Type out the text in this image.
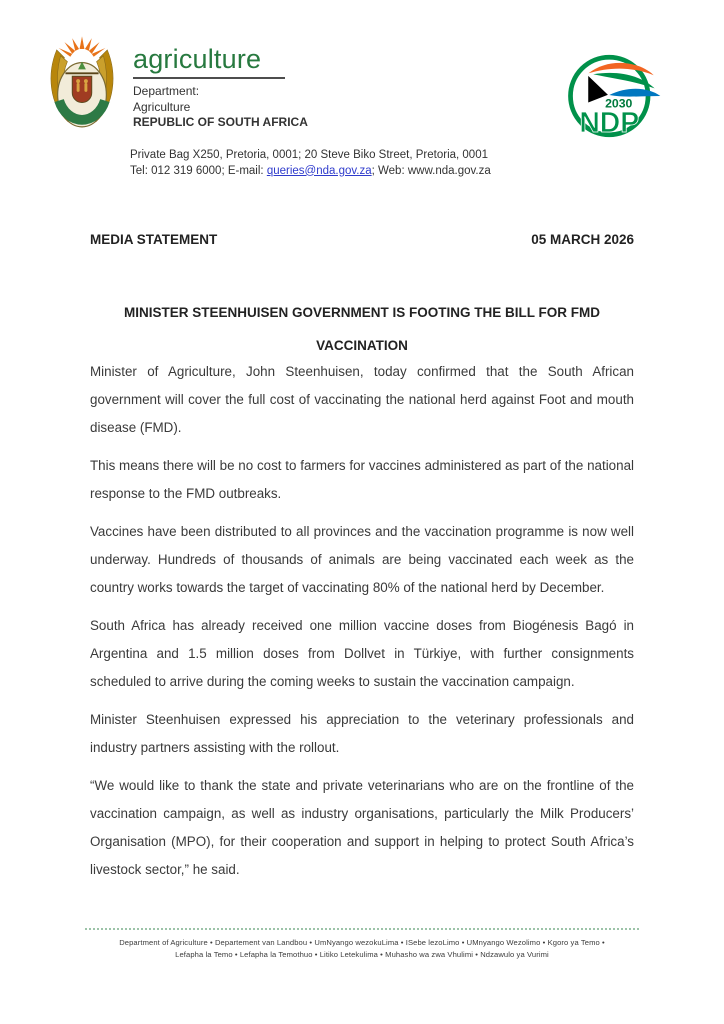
agriculture
Department:
Agriculture
REPUBLIC OF SOUTH AFRICA
2030
NDP
Private Bag X250, Pretoria, 0001; 20 Steve Biko Street, Pretoria, 0001
Tel: 012 319 6000; E-mail: queries@nda.gov.za; Web: www.nda.gov.za
MEDIA STATEMENT	05 MARCH 2026
MINISTER STEENHUISEN GOVERNMENT IS FOOTING THE BILL FOR FMD VACCINATION

Minister of Agriculture, John Steenhuisen, today confirmed that the South African government will cover the full cost of vaccinating the national herd against Foot and mouth disease (FMD).

This means there will be no cost to farmers for vaccines administered as part of the national response to the FMD outbreaks.

Vaccines have been distributed to all provinces and the vaccination programme is now well underway. Hundreds of thousands of animals are being vaccinated each week as the country works towards the target of vaccinating 80% of the national herd by December.

South Africa has already received one million vaccine doses from Biogénesis Bagó in Argentina and 1.5 million doses from Dollvet in Türkiye, with further consignments scheduled to arrive during the coming weeks to sustain the vaccination campaign.

Minister Steenhuisen expressed his appreciation to the veterinary professionals and industry partners assisting with the rollout.

“We would like to thank the state and private veterinarians who are on the frontline of the vaccination campaign, as well as industry organisations, particularly the Milk Producers’ Organisation (MPO), for their cooperation and support in helping to protect South Africa’s livestock sector,” he said.

Department of Agriculture • Departement van Landbou • UmNyango wezokuLima • ISebe lezoLimo • UMnyango Wezolimo • Kgoro ya Temo •
Lefapha la Temo • Lefapha la Temothuo • Litiko Letekulima • Muhasho wa zwa Vhulimi • Ndzawulo ya Vurimi
